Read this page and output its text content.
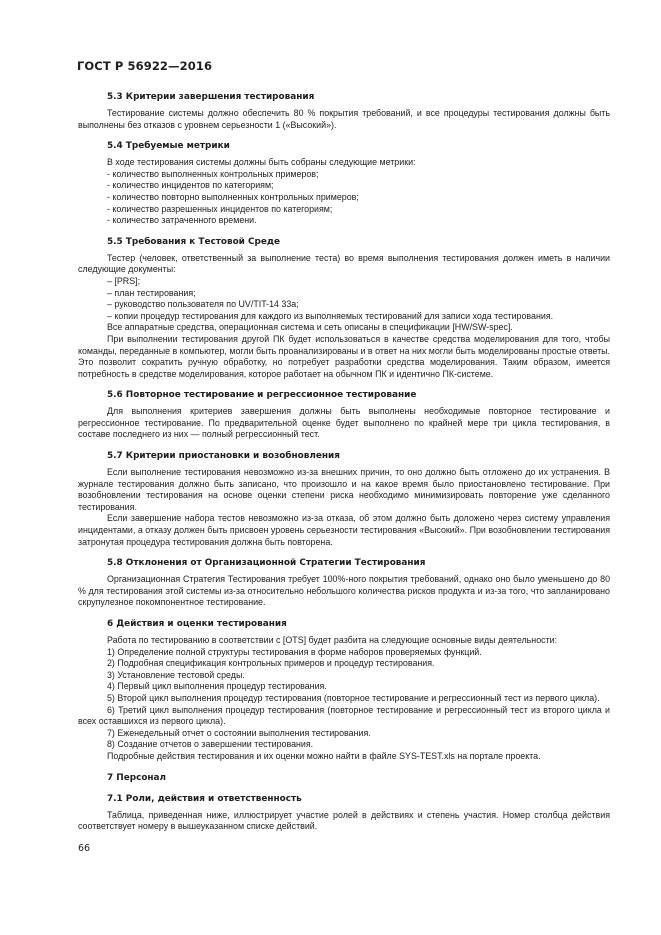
ГОСТ Р 56922—2016
5.3 Критерии завершения тестирования

Тестирование системы должно обеспечить 80 % покрытия требований, и все процедуры тестирования должны быть выполнены без отказов с уровнем серьезности 1 («Высокий»).

5.4 Требуемые метрики

В ходе тестирования системы должны быть собраны следующие метрики:

- количество выполненных контрольных примеров;

- количество инцидентов по категориям;

- количество повторно выполненных контрольных примеров;

- количество разрешенных инцидентов по категориям;

- количество затраченного времени.

5.5 Требования к Тестовой Среде

Тестер (человек, ответственный за выполнение теста) во время выполнения тестирования должен иметь в наличии следующие документы:

– [PRS];

– план тестирования;

– руководство пользователя по UV/TIT-14 33a;

– копии процедур тестирования для каждого из выполняемых тестирований для записи хода тестирования.

Все аппаратные средства, операционная система и сеть описаны в спецификации [HW/SW-spec].

При выполнении тестирования другой ПК будет использоваться в качестве средства моделирования для того, чтобы команды, переданные в компьютер, могли быть проанализированы и в ответ на них могли быть моделированы простые ответы. Это позволит сократить ручную обработку, но потребует разработки средства моделирования. Таким образом, имеется потребность в средстве моделирования, которое работает на обычном ПК и идентично ПК-системе.

5.6 Повторное тестирование и регрессионное тестирование

Для выполнения критериев завершения должны быть выполнены необходимые повторное тестирование и регрессионное тестирование. По предварительной оценке будет выполнено по крайней мере три цикла тестирования, в составе последнего из них — полный регрессионный тест.

5.7 Критерии приостановки и возобновления

Если выполнение тестирования невозможно из-за внешних причин, то оно должно быть отложено до их устранения. В журнале тестирования должно быть записано, что произошло и на какое время было приостановлено тестирование. При возобновлении тестирования на основе оценки степени риска необходимо минимизировать повторение уже сделанного тестирования.

Если завершение набора тестов невозможно из-за отказа, об этом должно быть доложено через систему управления инцидентами, а отказу должен быть присвоен уровень серьезности тестирования «Высокий». При возобновлении тестирования затронутая процедура тестирования должна быть повторена.

5.8 Отклонения от Организационной Стратегии Тестирования

Организационная Стратегия Тестирования требует 100%-ного покрытия требований, однако оно было уменьшено до 80 % для тестирования этой системы из-за относительно небольшого количества рисков продукта и из-за того, что запланировано скрупулезное покомпонентное тестирование.

6 Действия и оценки тестирования

Работа по тестированию в соответствии с [OTS] будет разбита на следующие основные виды деятельности:

1) Определение полной структуры тестирования в форме наборов проверяемых функций.

2) Подробная спецификация контрольных примеров и процедур тестирования.

3) Установление тестовой среды.

4) Первый цикл выполнения процедур тестирования.

5) Второй цикл выполнения процедур тестирования (повторное тестирование и регрессионный тест из первого цикла).

6) Третий цикл выполнения процедур тестирования (повторное тестирование и регрессионный тест из второго цикла и всех оставшихся из первого цикла).

7) Еженедельный отчет о состоянии выполнения тестирования.

8) Создание отчетов о завершении тестирования.

Подробные действия тестирования и их оценки можно найти в файле SYS-TEST.xls на портале проекта.

7 Персонал
7.1 Роли, действия и ответственность

Таблица, приведенная ниже, иллюстрирует участие ролей в действиях и степень участия. Номер столбца действия соответствует номеру в вышеуказанном списке действий.

66
